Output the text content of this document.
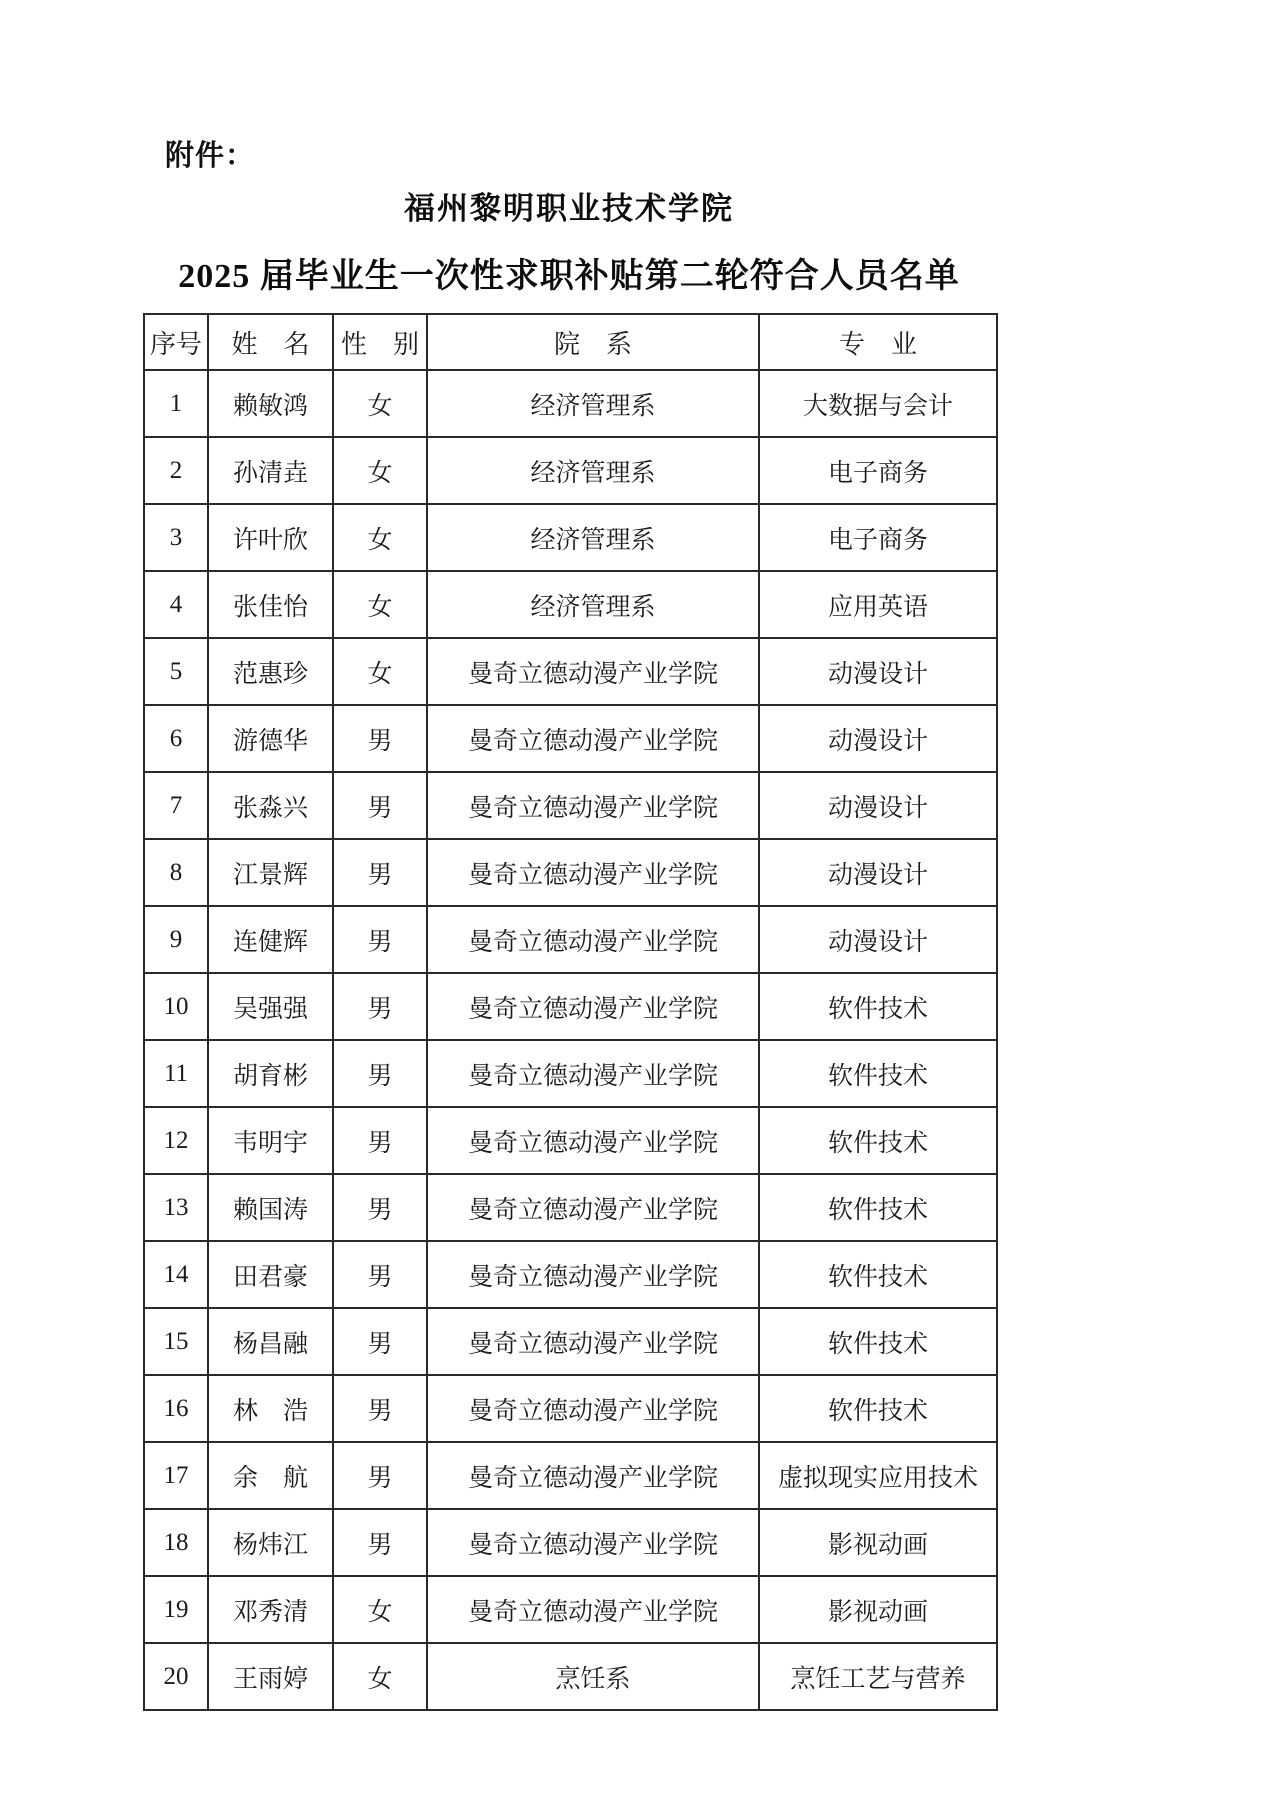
附件：
福州黎明职业技术学院
2025 届毕业生一次性求职补贴第二轮符合人员名单
序号	姓　名	性　别	院　系	专　业
1	赖敏鸿	女	经济管理系	大数据与会计
2	孙清垚	女	经济管理系	电子商务
3	许叶欣	女	经济管理系	电子商务
4	张佳怡	女	经济管理系	应用英语
5	范惠珍	女	曼奇立德动漫产业学院	动漫设计
6	游德华	男	曼奇立德动漫产业学院	动漫设计
7	张淼兴	男	曼奇立德动漫产业学院	动漫设计
8	江景辉	男	曼奇立德动漫产业学院	动漫设计
9	连健辉	男	曼奇立德动漫产业学院	动漫设计
10	吴强强	男	曼奇立德动漫产业学院	软件技术
11	胡育彬	男	曼奇立德动漫产业学院	软件技术
12	韦明宇	男	曼奇立德动漫产业学院	软件技术
13	赖国涛	男	曼奇立德动漫产业学院	软件技术
14	田君豪	男	曼奇立德动漫产业学院	软件技术
15	杨昌融	男	曼奇立德动漫产业学院	软件技术
16	林　浩	男	曼奇立德动漫产业学院	软件技术
17	余　航	男	曼奇立德动漫产业学院	虚拟现实应用技术
18	杨炜江	男	曼奇立德动漫产业学院	影视动画
19	邓秀清	女	曼奇立德动漫产业学院	影视动画
20	王雨婷	女	烹饪系	烹饪工艺与营养
